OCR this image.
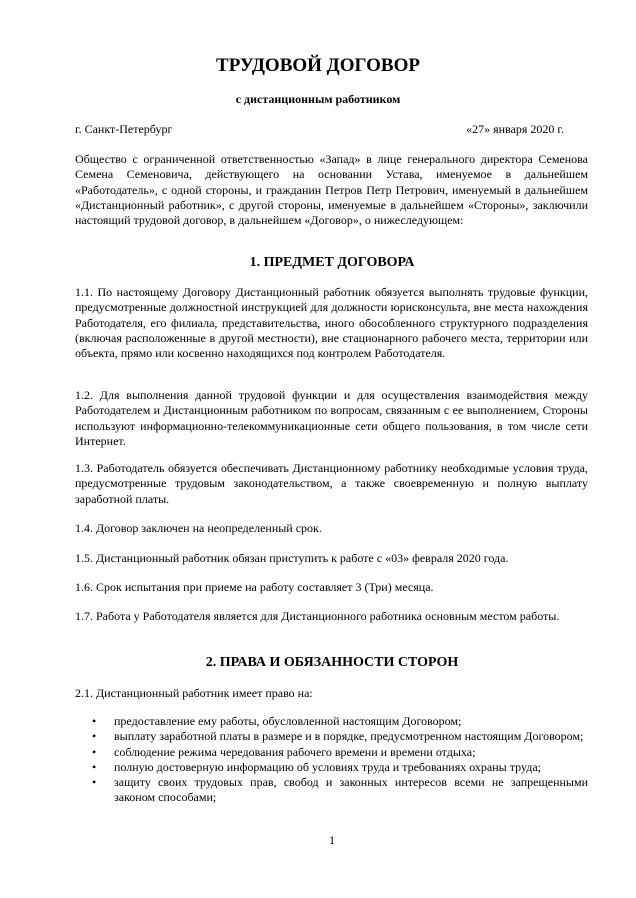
ТРУДОВОЙ ДОГОВОР
с дистанционным работником
г. Санкт-Петербург	«27» января 2020 г.

Общество с ограниченной ответственностью «Запад» в лице генерального директора Семенова Семена Семеновича, действующего на основании Устава, именуемое в дальнейшем «Работодатель», с одной стороны, и гражданин Петров Петр Петрович, именуемый в дальнейшем «Дистанционный работник», с другой стороны, именуемые в дальнейшем «Стороны», заключили настоящий трудовой договор, в дальнейшем «Договор», о нижеследующем:

1. ПРЕДМЕТ ДОГОВОРА

1.1. По настоящему Договору Дистанционный работник обязуется выполнять трудовые функции, предусмотренные должностной инструкцией для должности юрисконсульта, вне места нахождения Работодателя, его филиала, представительства, иного обособленного структурного подразделения (включая расположенные в другой местности), вне стационарного рабочего места, территории или объекта, прямо или косвенно находящихся под контролем Работодателя.

1.2. Для выполнения данной трудовой функции и для осуществления взаимодействия между Работодателем и Дистанционным работником по вопросам, связанным с ее выполнением, Стороны используют информационно-телекоммуникационные сети общего пользования, в том числе сети Интернет.

1.3. Работодатель обязуется обеспечивать Дистанционному работнику необходимые условия труда, предусмотренные трудовым законодательством, а также своевременную и полную выплату заработной платы.

1.4. Договор заключен на неопределенный срок.

1.5. Дистанционный работник обязан приступить к работе с «03» февраля 2020 года.

1.6. Срок испытания при приеме на работу составляет 3 (Три) месяца.

1.7. Работа у Работодателя является для Дистанционного работника основным местом работы.

2. ПРАВА И ОБЯЗАННОСТИ СТОРОН

2.1. Дистанционный работник имеет право на:

• предоставление ему работы, обусловленной настоящим Договором;
• выплату заработной платы в размере и в порядке, предусмотренном настоящим Договором;
• соблюдение режима чередования рабочего времени и времени отдыха;
• полную достоверную информацию об условиях труда и требованиях охраны труда;
• защиту своих трудовых прав, свобод и законных интересов всеми не запрещенными законом способами;
1
